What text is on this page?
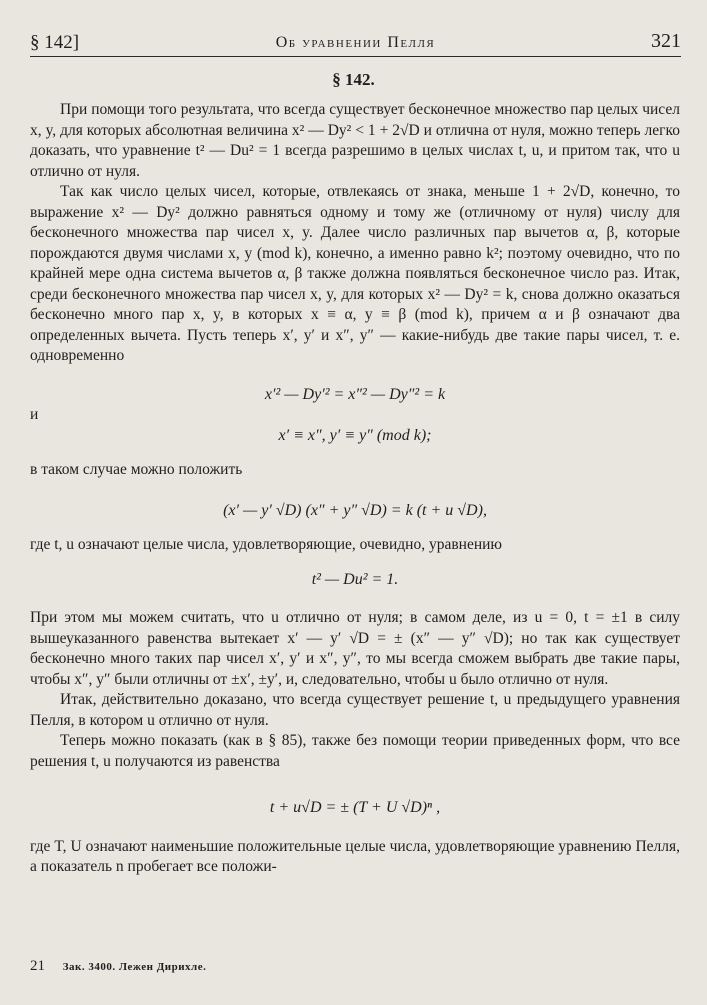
§ 142]	Об уравнении Пелля	321
§ 142.

При помощи того результата, что всегда существует бесконечное множество пар целых чисел x, y, для которых абсолютная величина x² — Dy² < 1 + 2√D и отлична от нуля, можно теперь легко доказать, что уравнение t² — Du² = 1 всегда разрешимо в целых числах t, u, и притом так, что u отлично от нуля.

Так как число целых чисел, которые, отвлекаясь от знака, меньше 1 + 2√D, конечно, то выражение x² — Dy² должно равняться одному и тому же (отличному от нуля) числу для бесконечного множества пар чисел x, y. Далее число различных пар вычетов α, β, которые порождаются двумя числами x, y (mod k), конечно, а именно равно k²; поэтому очевидно, что по крайней мере одна система вычетов α, β также должна появляться бесконечное число раз. Итак, среди бесконечного множества пар чисел x, y, для которых x² — Dy² = k, снова должно оказаться бесконечно много пар x, y, в которых x ≡ α, y ≡ β (mod k), причем α и β означают два определенных вычета. Пусть теперь x′, y′ и x″, y″ — какие-нибудь две такие пары чисел, т. е. одновременно

x′² — Dy′² = x″² — Dy″² = k

и

x′ ≡ x″, y′ ≡ y″ (mod k);

в таком случае можно положить

(x′ — y′ √D) (x″ + y″ √D) = k (t + u √D),

где t, u означают целые числа, удовлетворяющие, очевидно, уравнению

t² — Du² = 1.

При этом мы можем считать, что u отлично от нуля; в самом деле, из u = 0, t = ±1 в силу вышеуказанного равенства вытекает x′ — y′ √D = ± (x″ — y″ √D); но так как существует бесконечно много таких пар чисел x′, y′ и x″, y″, то мы всегда сможем выбрать две такие пары, чтобы x″, y″ были отличны от ±x′, ±y′, и, следовательно, чтобы u было отлично от нуля.

Итак, действительно доказано, что всегда существует решение t, u предыдущего уравнения Пелля, в котором u отлично от нуля.

Теперь можно показать (как в § 85), также без помощи теории приведенных форм, что все решения t, u получаются из равенства

t + u√D = ± (T + U √D)ⁿ ,

где T, U означают наименьшие положительные целые числа, удовлетворяющие уравнению Пелля, а показатель n пробегает все положи-

21 Зак. 3400. Лежен Дирихле.
